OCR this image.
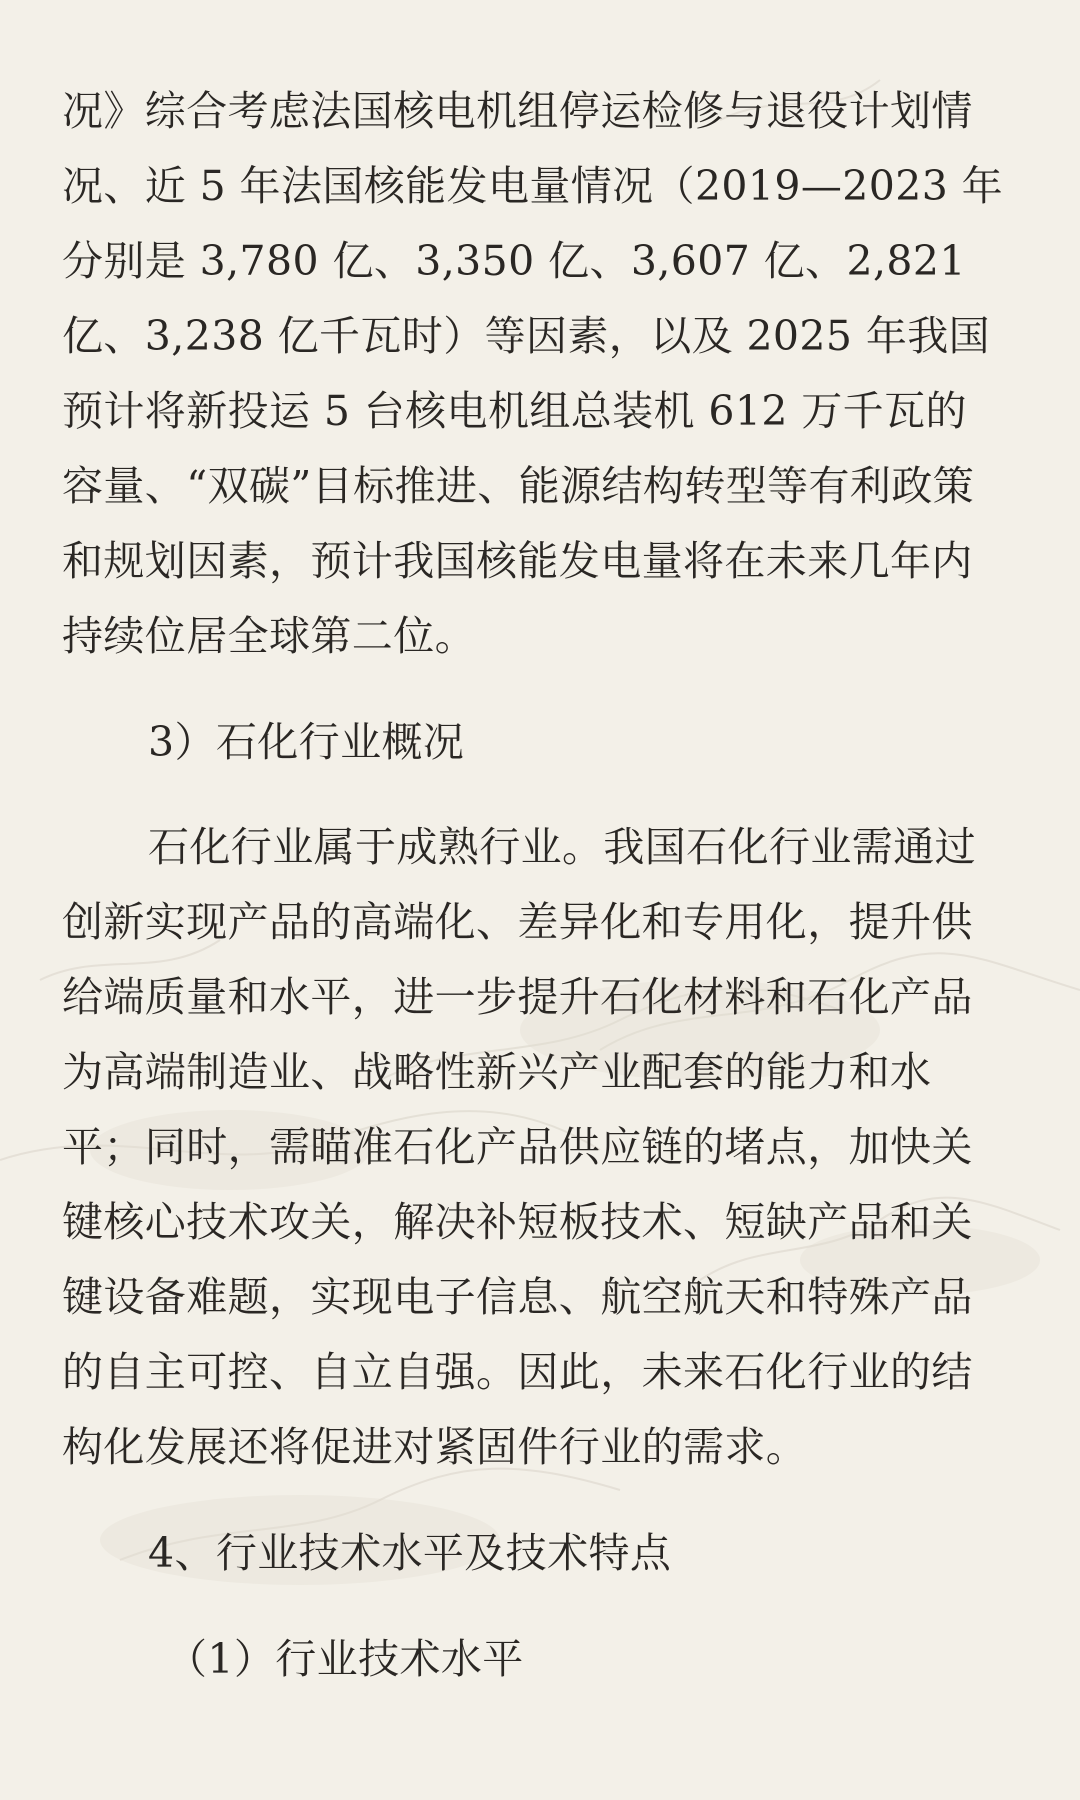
况》综合考虑法国核电机组停运检修与退役计划情
况、近 5 年法国核能发电量情况（2019—2023 年
分别是 3,780 亿、3,350 亿、3,607 亿、2,821
亿、3,238 亿千瓦时）等因素，以及 2025 年我国
预计将新投运 5 台核电机组总装机 612 万千瓦的
容量、“双碳”目标推进、能源结构转型等有利政策
和规划因素，预计我国核能发电量将在未来几年内
持续位居全球第二位。
3）石化行业概况
石化行业属于成熟行业。我国石化行业需通过
创新实现产品的高端化、差异化和专用化，提升供
给端质量和水平，进一步提升石化材料和石化产品
为高端制造业、战略性新兴产业配套的能力和水
平；同时，需瞄准石化产品供应链的堵点，加快关
键核心技术攻关，解决补短板技术、短缺产品和关
键设备难题，实现电子信息、航空航天和特殊产品
的自主可控、自立自强。因此，未来石化行业的结
构化发展还将促进对紧固件行业的需求。
4、行业技术水平及技术特点
（1）行业技术水平
